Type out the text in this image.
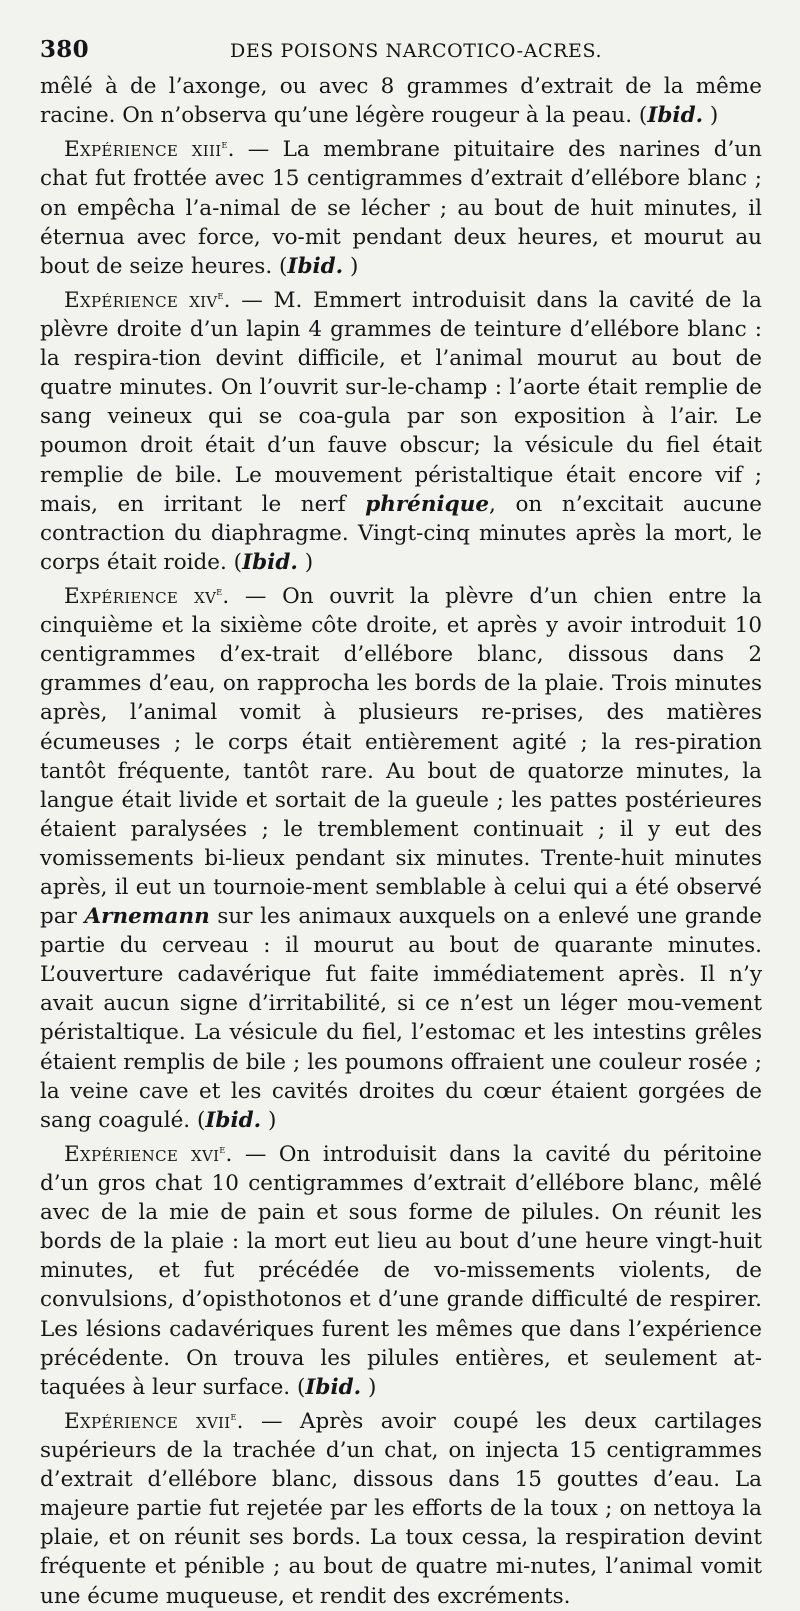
380	DES POISONS NARCOTICO-ACRES.

mêlé à de l’axonge, ou avec 8 grammes d’extrait de la même racine. On n’observa qu’une légère rougeur à la peau. (Ibid. )

Expérience xiii$^e$. — La membrane pituitaire des narines d’un chat fut frottée avec 15 centigrammes d’extrait d’ellébore blanc ; on empêcha l’a-nimal de se lécher ; au bout de huit minutes, il éternua avec force, vo-mit pendant deux heures, et mourut au bout de seize heures. (Ibid. )

Expérience xiv$^e$. — M. Emmert introduisit dans la cavité de la plèvre droite d’un lapin 4 grammes de teinture d’ellébore blanc : la respira-tion devint difficile, et l’animal mourut au bout de quatre minutes. On l’ouvrit sur-le-champ : l’aorte était remplie de sang veineux qui se coa-gula par son exposition à l’air. Le poumon droit était d’un fauve obscur; la vésicule du fiel était remplie de bile. Le mouvement péristaltique était encore vif ; mais, en irritant le nerf phrénique, on n’excitait aucune contraction du diaphragme. Vingt-cinq minutes après la mort, le corps était roide. (Ibid. )

Expérience $xv^e$. — On ouvrit la plèvre d’un chien entre la cinquième et la sixième côte droite, et après y avoir introduit 10 centigrammes d’ex-trait d’ellébore blanc, dissous dans 2 grammes d’eau, on rapprocha les bords de la plaie. Trois minutes après, l’animal vomit à plusieurs re-prises, des matières écumeuses ; le corps était entièrement agité ; la res-piration tantôt fréquente, tantôt rare. Au bout de quatorze minutes, la langue était livide et sortait de la gueule ; les pattes postérieures étaient paralysées ; le tremblement continuait ; il y eut des vomissements bi-lieux pendant six minutes. Trente-huit minutes après, il eut un tournoie-ment semblable à celui qui a été observé par Arnemann sur les animaux auxquels on a enlevé une grande partie du cerveau : il mourut au bout de quarante minutes. L’ouverture cadavérique fut faite immédiatement après. Il n’y avait aucun signe d’irritabilité, si ce n’est un léger mou-vement péristaltique. La vésicule du fiel, l’estomac et les intestins grêles étaient remplis de bile ; les poumons offraient une couleur rosée ; la veine cave et les cavités droites du cœur étaient gorgées de sang coagulé. (Ibid. )

Expérience xvi$^e$. — On introduisit dans la cavité du péritoine d’un gros chat 10 centigrammes d’extrait d’ellébore blanc, mêlé avec de la mie de pain et sous forme de pilules. On réunit les bords de la plaie : la mort eut lieu au bout d’une heure vingt-huit minutes, et fut précédée de vo-missements violents, de convulsions, d’opisthotonos et d’une grande difficulté de respirer. Les lésions cadavériques furent les mêmes que dans l’expérience précédente. On trouva les pilules entières, et seulement at-taquées à leur surface. (Ibid. )

Expérience xvii$^e$. — Après avoir coupé les deux cartilages supérieurs de la trachée d’un chat, on injecta 15 centigrammes d’extrait d’ellébore blanc, dissous dans 15 gouttes d’eau. La majeure partie fut rejetée par les efforts de la toux ; on nettoya la plaie, et on réunit ses bords. La toux cessa, la respiration devint fréquente et pénible ; au bout de quatre mi-nutes, l’animal vomit une écume muqueuse, et rendit des excréments.
